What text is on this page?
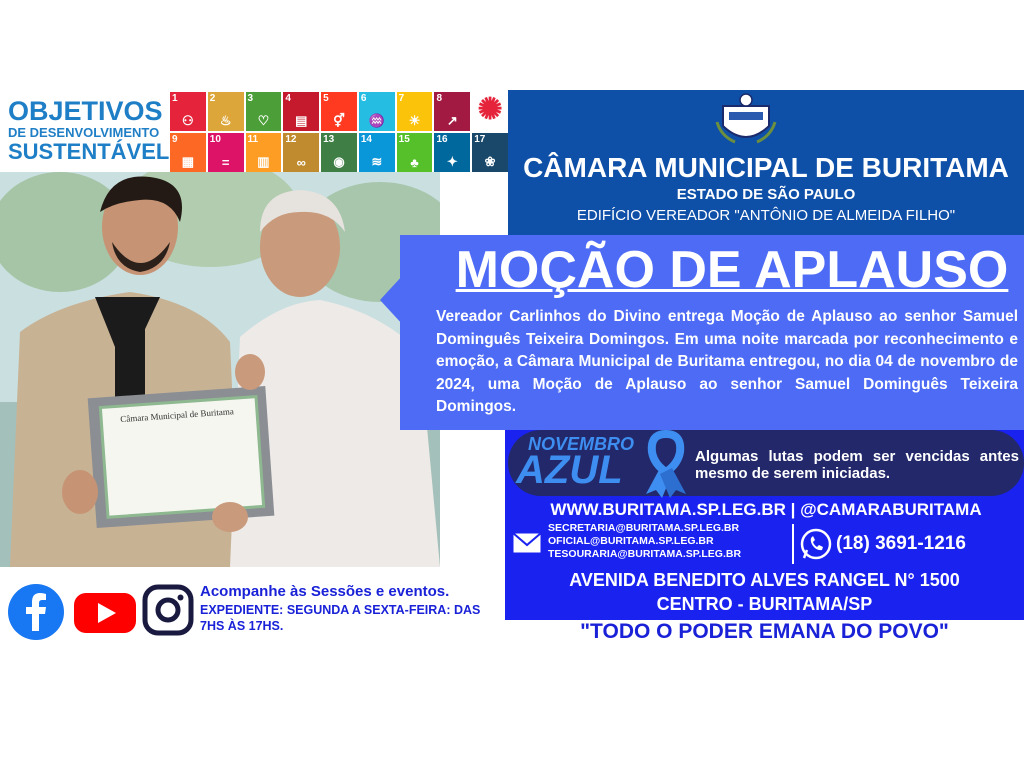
OBJETIVOS
DE DESENVOLVIMENTO
SUSTENTÁVEL
1
⚇
2
♨
3
♡
4
▤
5
⚥
6
♒
7
☀
8
↗ ✺
9
▦
10
=
11
▥
12
∞
13
◉
14
≋
15
♣
16
✦
17
❀
Câmara Municipal de Buritama
CÂMARA MUNICIPAL DE BURITAMA
ESTADO DE SÃO PAULO
EDIFÍCIO VEREADOR "ANTÔNIO DE ALMEIDA FILHO"
MOÇÃO DE APLAUSO
Vereador Carlinhos do Divino entrega Moção de Aplauso ao senhor Samuel Dominguês Teixeira Domingos. Em uma noite marcada por reconhecimento e emoção, a Câmara Municipal de Buritama entregou, no dia 04 de novembro de 2024, uma Moção de Aplauso ao senhor Samuel Dominguês Teixeira Domingos.
NOVEMBRO
AZUL	Algumas lutas podem ser vencidas antes mesmo de serem iniciadas.
WWW.BURITAMA.SP.LEG.BR | @CAMARABURITAMA
SECRETARIA@BURITAMA.SP.LEG.BR
OFICIAL@BURITAMA.SP.LEG.BR
TESOURARIA@BURITAMA.SP.LEG.BR	(18) 3691-1216
AVENIDA BENEDITO ALVES RANGEL N° 1500
CENTRO - BURITAMA/SP
"TODO O PODER EMANA DO POVO"
Acompanhe às Sessões e eventos.
EXPEDIENTE: SEGUNDA A SEXTA-FEIRA: DAS 7HS ÀS 17HS.
